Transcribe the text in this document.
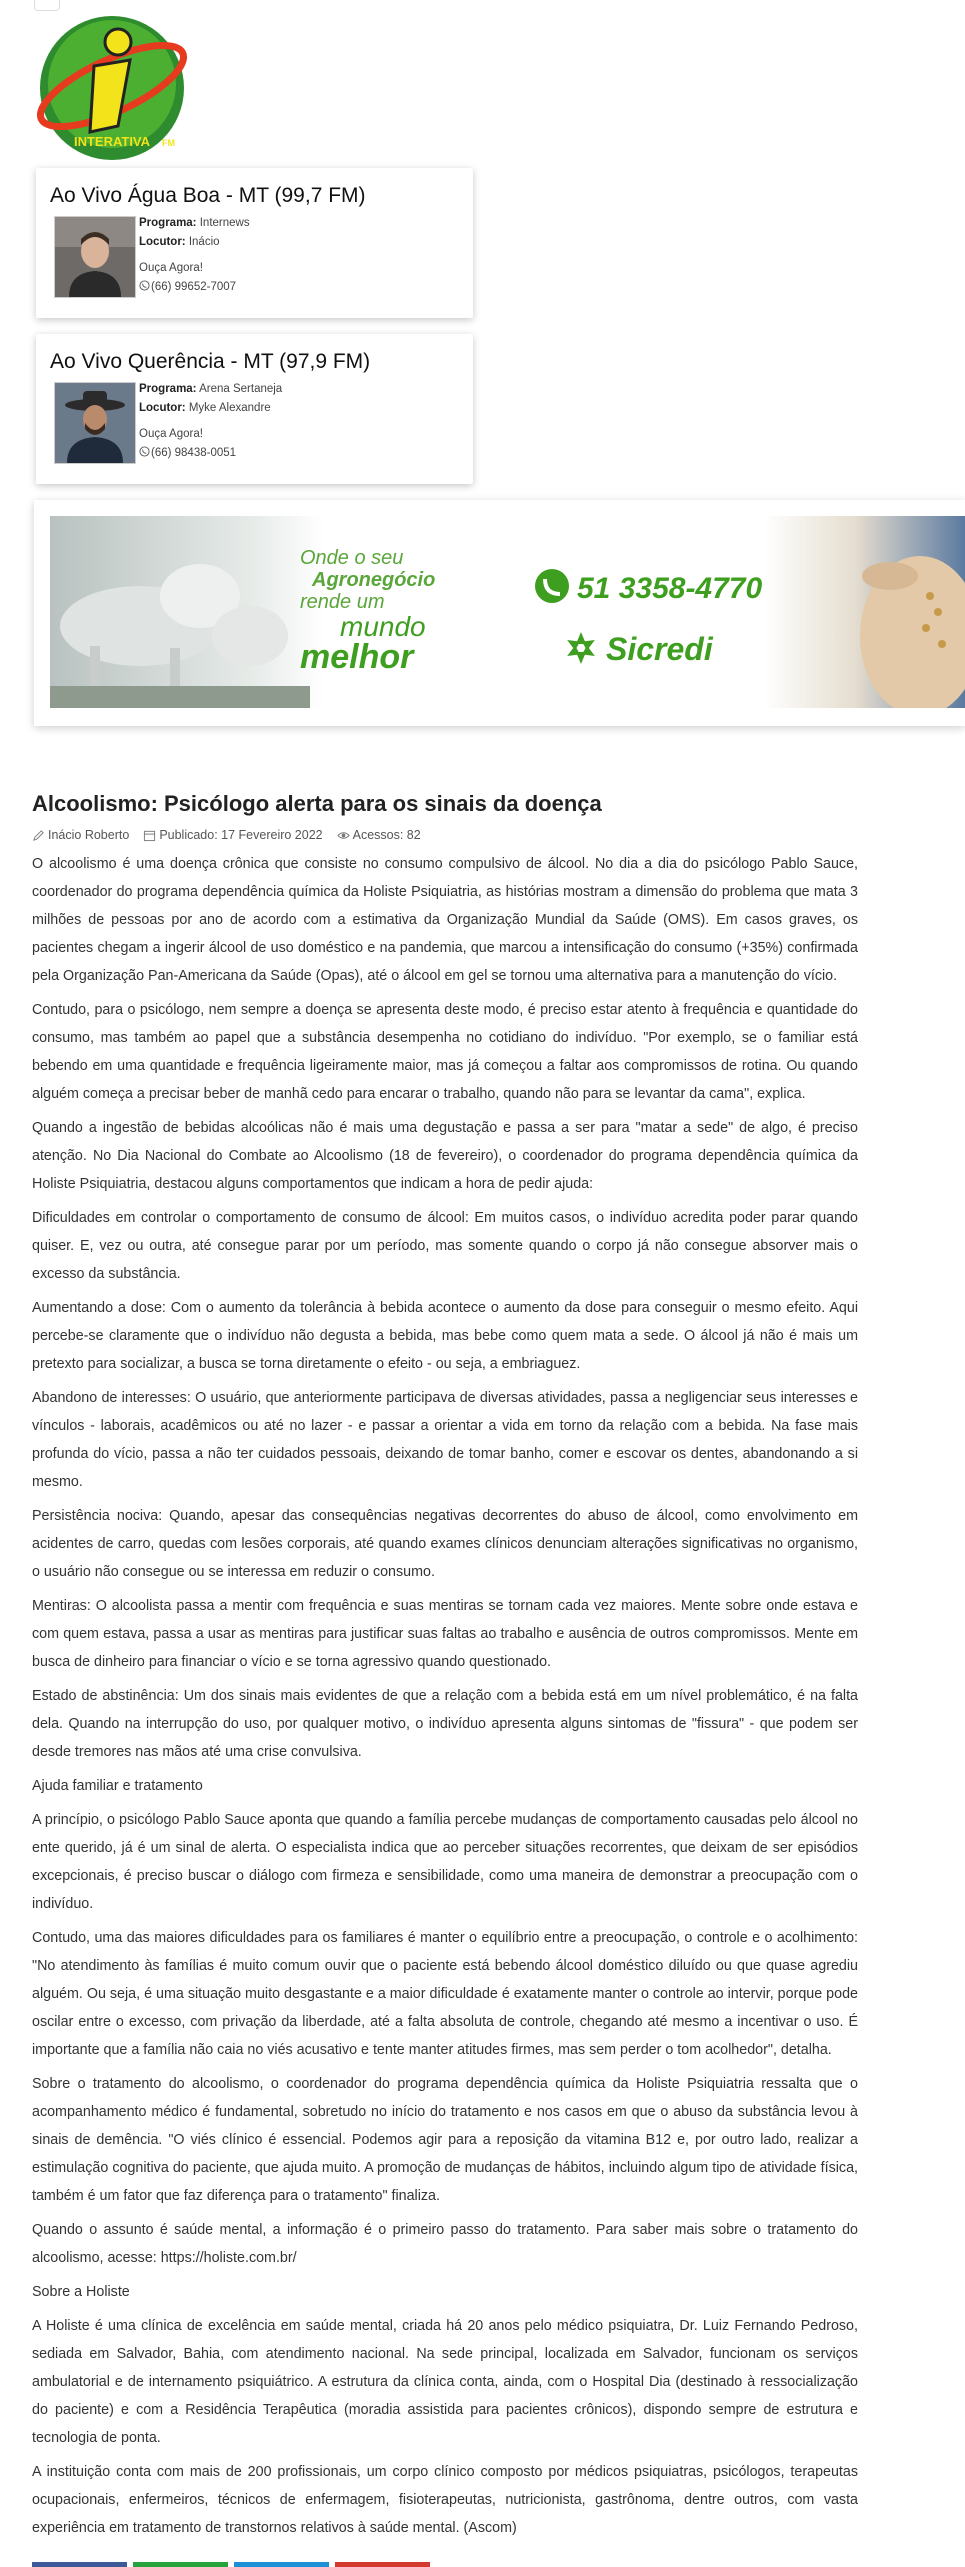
INTERATIVA FM
Ao Vivo Água Boa - MT (99,7 FM)
Programa: Internews
Locutor: Inácio
Ouça Agora!
(66) 99652-7007
Ao Vivo Querência - MT (97,9 FM)
Programa: Arena Sertaneja
Locutor: Myke Alexandre
Ouça Agora!
(66) 98438-0051
Onde o seu
Agronegócio
rende um
mundo
melhor
51 3358-4770
Sicredi
Alcoolismo: Psicólogo alerta para os sinais da doença
Inácio Roberto Publicado: 17 Fevereiro 2022 Acessos: 82

O alcoolismo é uma doença crônica que consiste no consumo compulsivo de álcool. No dia a dia do psicólogo Pablo Sauce, coordenador do programa dependência química da Holiste Psiquiatria, as histórias mostram a dimensão do problema que mata 3 milhões de pessoas por ano de acordo com a estimativa da Organização Mundial da Saúde (OMS). Em casos graves, os pacientes chegam a ingerir álcool de uso doméstico e na pandemia, que marcou a intensificação do consumo (+35%) confirmada pela Organização Pan-Americana da Saúde (Opas), até o álcool em gel se tornou uma alternativa para a manutenção do vício.

Contudo, para o psicólogo, nem sempre a doença se apresenta deste modo, é preciso estar atento à frequência e quantidade do consumo, mas também ao papel que a substância desempenha no cotidiano do indivíduo. "Por exemplo, se o familiar está bebendo em uma quantidade e frequência ligeiramente maior, mas já começou a faltar aos compromissos de rotina. Ou quando alguém começa a precisar beber de manhã cedo para encarar o trabalho, quando não para se levantar da cama", explica.

Quando a ingestão de bebidas alcoólicas não é mais uma degustação e passa a ser para "matar a sede" de algo, é preciso atenção. No Dia Nacional do Combate ao Alcoolismo (18 de fevereiro), o coordenador do programa dependência química da Holiste Psiquiatria, destacou alguns comportamentos que indicam a hora de pedir ajuda:

Dificuldades em controlar o comportamento de consumo de álcool: Em muitos casos, o indivíduo acredita poder parar quando quiser. E, vez ou outra, até consegue parar por um período, mas somente quando o corpo já não consegue absorver mais o excesso da substância.

Aumentando a dose: Com o aumento da tolerância à bebida acontece o aumento da dose para conseguir o mesmo efeito. Aqui percebe-se claramente que o indivíduo não degusta a bebida, mas bebe como quem mata a sede. O álcool já não é mais um pretexto para socializar, a busca se torna diretamente o efeito - ou seja, a embriaguez.

Abandono de interesses: O usuário, que anteriormente participava de diversas atividades, passa a negligenciar seus interesses e vínculos - laborais, acadêmicos ou até no lazer - e passar a orientar a vida em torno da relação com a bebida. Na fase mais profunda do vício, passa a não ter cuidados pessoais, deixando de tomar banho, comer e escovar os dentes, abandonando a si mesmo.

Persistência nociva: Quando, apesar das consequências negativas decorrentes do abuso de álcool, como envolvimento em acidentes de carro, quedas com lesões corporais, até quando exames clínicos denunciam alterações significativas no organismo, o usuário não consegue ou se interessa em reduzir o consumo.

Mentiras: O alcoolista passa a mentir com frequência e suas mentiras se tornam cada vez maiores. Mente sobre onde estava e com quem estava, passa a usar as mentiras para justificar suas faltas ao trabalho e ausência de outros compromissos. Mente em busca de dinheiro para financiar o vício e se torna agressivo quando questionado.

Estado de abstinência: Um dos sinais mais evidentes de que a relação com a bebida está em um nível problemático, é na falta dela. Quando na interrupção do uso, por qualquer motivo, o indivíduo apresenta alguns sintomas de "fissura" - que podem ser desde tremores nas mãos até uma crise convulsiva.

Ajuda familiar e tratamento

A princípio, o psicólogo Pablo Sauce aponta que quando a família percebe mudanças de comportamento causadas pelo álcool no ente querido, já é um sinal de alerta. O especialista indica que ao perceber situações recorrentes, que deixam de ser episódios excepcionais, é preciso buscar o diálogo com firmeza e sensibilidade, como uma maneira de demonstrar a preocupação com o indivíduo.

Contudo, uma das maiores dificuldades para os familiares é manter o equilíbrio entre a preocupação, o controle e o acolhimento: "No atendimento às famílias é muito comum ouvir que o paciente está bebendo álcool doméstico diluído ou que quase agrediu alguém. Ou seja, é uma situação muito desgastante e a maior dificuldade é exatamente manter o controle ao intervir, porque pode oscilar entre o excesso, com privação da liberdade, até a falta absoluta de controle, chegando até mesmo a incentivar o uso. É importante que a família não caia no viés acusativo e tente manter atitudes firmes, mas sem perder o tom acolhedor", detalha.

Sobre o tratamento do alcoolismo, o coordenador do programa dependência química da Holiste Psiquiatria ressalta que o acompanhamento médico é fundamental, sobretudo no início do tratamento e nos casos em que o abuso da substância levou à sinais de demência. "O viés clínico é essencial. Podemos agir para a reposição da vitamina B12 e, por outro lado, realizar a estimulação cognitiva do paciente, que ajuda muito. A promoção de mudanças de hábitos, incluindo algum tipo de atividade física, também é um fator que faz diferença para o tratamento" finaliza.

Quando o assunto é saúde mental, a informação é o primeiro passo do tratamento. Para saber mais sobre o tratamento do alcoolismo, acesse: https://holiste.com.br/

Sobre a Holiste

A Holiste é uma clínica de excelência em saúde mental, criada há 20 anos pelo médico psiquiatra, Dr. Luiz Fernando Pedroso, sediada em Salvador, Bahia, com atendimento nacional. Na sede principal, localizada em Salvador, funcionam os serviços ambulatorial e de internamento psiquiátrico. A estrutura da clínica conta, ainda, com o Hospital Dia (destinado à ressocialização do paciente) e com a Residência Terapêutica (moradia assistida para pacientes crônicos), dispondo sempre de estrutura e tecnologia de ponta.

A instituição conta com mais de 200 profissionais, um corpo clínico composto por médicos psiquiatras, psicólogos, terapeutas ocupacionais, enfermeiros, técnicos de enfermagem, fisioterapeutas, nutricionista, gastrônoma, dentre outros, com vasta experiência em tratamento de transtornos relativos à saúde mental. (Ascom)
